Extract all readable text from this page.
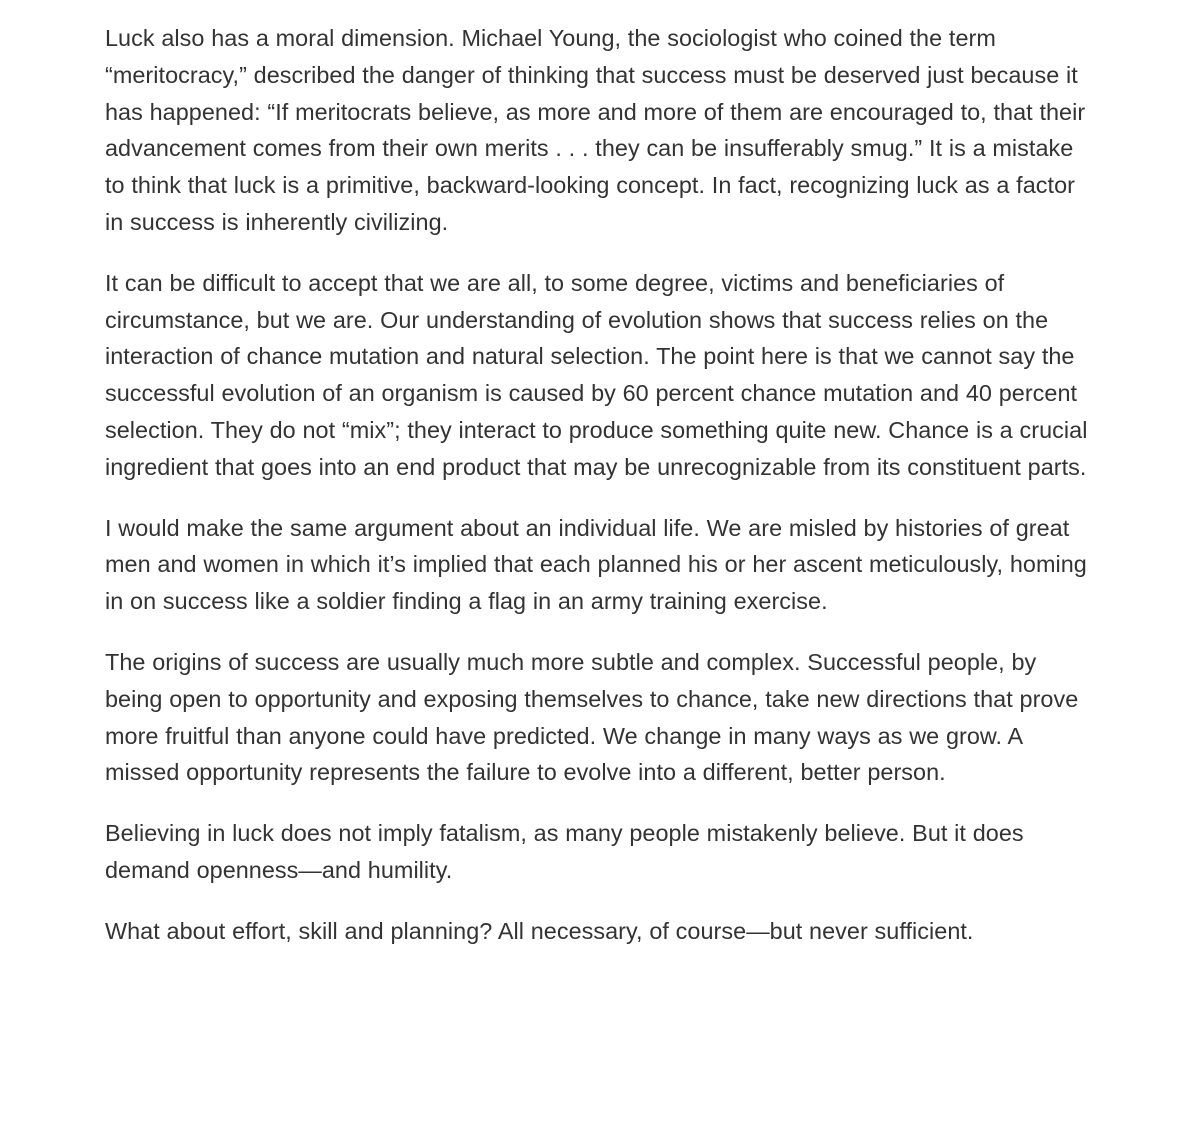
Luck also has a moral dimension. Michael Young, the sociologist who coined the term “meritocracy,” described the danger of thinking that success must be deserved just because it has happened: “If meritocrats believe, as more and more of them are encouraged to, that their advancement comes from their own merits . . . they can be insufferably smug.” It is a mistake to think that luck is a primitive, backward-looking concept. In fact, recognizing luck as a factor in success is inherently civilizing.

It can be difficult to accept that we are all, to some degree, victims and beneficiaries of circumstance, but we are. Our understanding of evolution shows that success relies on the interaction of chance mutation and natural selection. The point here is that we cannot say the successful evolution of an organism is caused by 60 percent chance mutation and 40 percent selection. They do not “mix”; they interact to produce something quite new. Chance is a crucial ingredient that goes into an end product that may be unrecognizable from its constituent parts.

I would make the same argument about an individual life. We are misled by histories of great men and women in which it’s implied that each planned his or her ascent meticulously, homing in on success like a soldier finding a flag in an army training exercise.

The origins of success are usually much more subtle and complex. Successful people, by being open to opportunity and exposing themselves to chance, take new directions that prove more fruitful than anyone could have predicted. We change in many ways as we grow. A missed opportunity represents the failure to evolve into a different, better person.

Believing in luck does not imply fatalism, as many people mistakenly believe. But it does demand openness—and humility.

What about effort, skill and planning? All necessary, of course—but never sufficient.
